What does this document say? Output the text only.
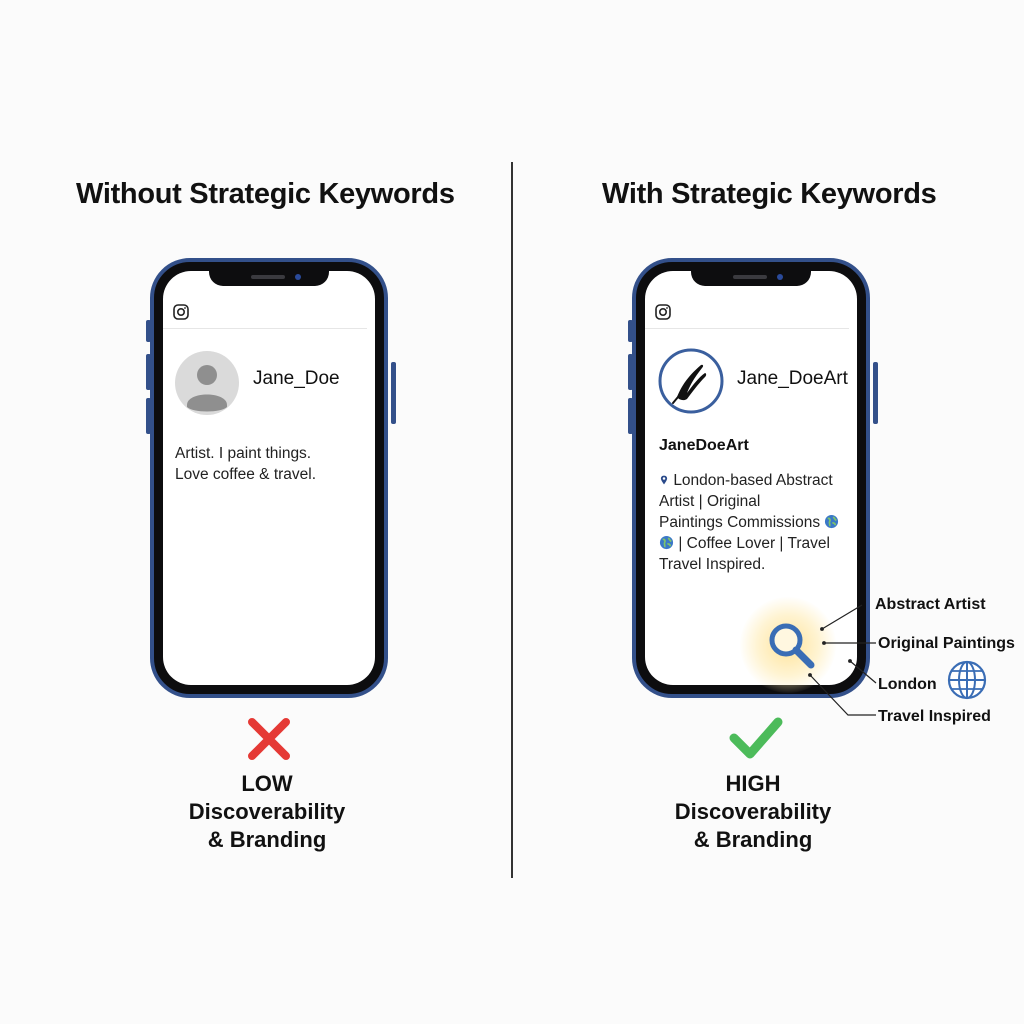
Without Strategic Keywords	With Strategic Keywords
Jane_Doe
Artist. I paint things.
Love coffee & travel.
LOW
Discoverability
& Branding
Jane_DoeArt
JaneDoeArt
London-based Abstract
Artist | Original
Paintings Commissions
| Coffee Lover | Travel
Travel Inspired.
Abstract Artist
Original Paintings
London
Travel Inspired
HIGH
Discoverability
& Branding
